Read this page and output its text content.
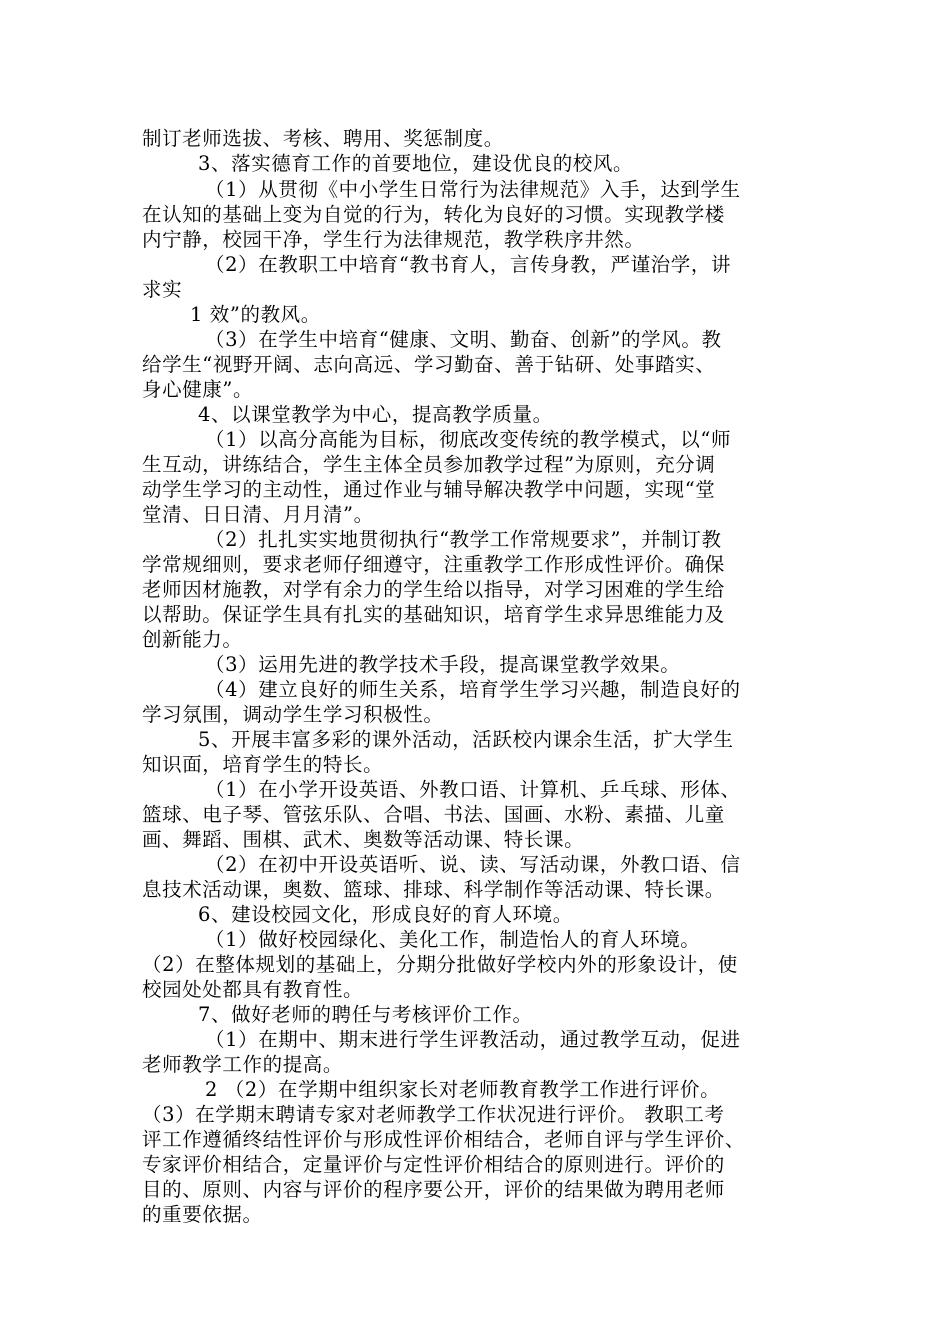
制订老师选拔、考核、聘用、奖惩制度。
3、落实德育工作的首要地位，建设优良的校风。
（1）从贯彻《中小学生日常行为法律规范》入手，达到学生
在认知的基础上变为自觉的行为，转化为良好的习惯。实现教学楼
内宁静，校园干净，学生行为法律规范，教学秩序井然。
（2）在教职工中培育“教书育人，言传身教，严谨治学，讲
求实
1 效”的教风。
（3）在学生中培育“健康、文明、勤奋、创新”的学风。教
给学生“视野开阔、志向高远、学习勤奋、善于钻研、处事踏实、
身心健康”。
4、以课堂教学为中心，提高教学质量。
（1）以高分高能为目标，彻底改变传统的教学模式，以“师
生互动，讲练结合，学生主体全员参加教学过程”为原则，充分调
动学生学习的主动性，通过作业与辅导解决教学中问题，实现“堂
堂清、日日清、月月清”。
（2）扎扎实实地贯彻执行“教学工作常规要求”，并制订教
学常规细则，要求老师仔细遵守，注重教学工作形成性评价。确保
老师因材施教，对学有余力的学生给以指导，对学习困难的学生给
以帮助。保证学生具有扎实的基础知识，培育学生求异思维能力及
创新能力。
（3）运用先进的教学技术手段，提高课堂教学效果。
（4）建立良好的师生关系，培育学生学习兴趣，制造良好的
学习氛围，调动学生学习积极性。
5、开展丰富多彩的课外活动，活跃校内课余生活，扩大学生
知识面，培育学生的特长。
（1）在小学开设英语、外教口语、计算机、乒乓球、形体、
篮球、电子琴、管弦乐队、合唱、书法、国画、水粉、素描、儿童
画、舞蹈、围棋、武术、奥数等活动课、特长课。
（2）在初中开设英语听、说、读、写活动课，外教口语、信
息技术活动课，奥数、篮球、排球、科学制作等活动课、特长课。
6、建设校园文化，形成良好的育人环境。
（1）做好校园绿化、美化工作，制造怡人的育人环境。
（2）在整体规划的基础上，分期分批做好学校内外的形象设计，使
校园处处都具有教育性。
7、做好老师的聘任与考核评价工作。
（1）在期中、期末进行学生评教活动，通过教学互动，促进
老师教学工作的提高。
2 （2）在学期中组织家长对老师教育教学工作进行评价。
（3）在学期末聘请专家对老师教学工作状况进行评价。 教职工考
评工作遵循终结性评价与形成性评价相结合，老师自评与学生评价、
专家评价相结合，定量评价与定性评价相结合的原则进行。评价的
目的、原则、内容与评价的程序要公开，评价的结果做为聘用老师
的重要依据。
